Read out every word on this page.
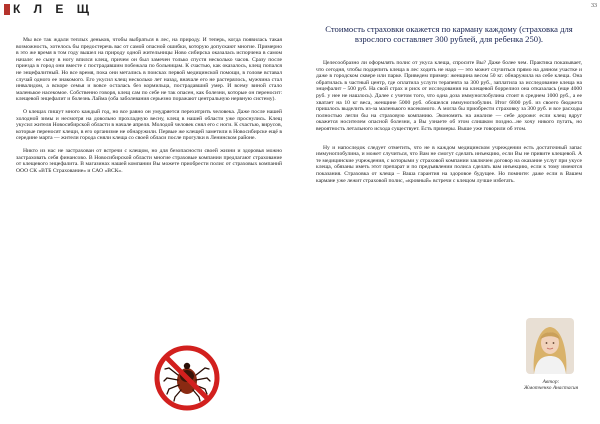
К Л Е Щ	33

Мы все так ждали теплых деньков, чтобы выбраться в лес, на природу. И теперь, когда появилась такая возможность, хотелось бы предостеречь вас от самой опасной ошибки, которую допускают многие. Примерно в это же время в том году вышел на природу одной жительницы Ново сибирска оказалась испорчена в самом начале: ее сыну в ногу впился клещ, причем он был замечен только спустя несколько часов. Сразу после приезда в город они вместе с пострадавшим побежала по больницам. К счастью, как оказалось, клещ попался не энцефалитный. Но все время, пока они метались в поисках первой медицинской помощи, в голове вставал случай одного ее знакомого. Его укусил клещ несколько лет назад, вначале его не растерялось, мужчина стал инвалидом, а вскоре семья и вовсе осталась без кормильца, пострадавший умер. И всему виной стало маленькое насекомое. Собственно говоря, клещ сам по себе не так опасен, как болезни, которые он переносит: клещевой энцефалит и болезнь Лайма (оба заболевания серьезно поражают центральную нервную систему).

О клещах пишут много каждый год, но все равно он умудряется перехитрить человека. Даже после нашей холодной зимы и несмотря на довольно прохладную весну, клещ в нашей области уже проснулись. Клещ укусил жителя Новосибирской области в начале апреля. Молодой человек снял его с ноги. К счастью, вирусов, которые переносят клещи, в его организме не обнаружили. Первые же клещей заметили в Новосибирске ещё в середине марта — жители города сняли клеща со своей обласи после прогулки в Ленинском районе.

Никто из нас не застрахован от встречи с клещом, но для безопасности своей жизни и здоровья можно застраховать себя финансово. В Новосибирской области многие страховые компании предлагают страхование от клещевого энцефалита. В магазинах нашей компании Вы можете приобрести полис от страховых компаний ООО СК «ВТБ Страхование» и САО «ВСК».

Стоимость страховки окажется по карману каждому (страховка для взрослого составляет 300 рублей, для ребенка 250).

Целесообразно ли оформлять полис от укуса клеща, спросите Вы? Даже более чем. Практика показывает, что сегодня, чтобы подцепить клеща в лес ходить не надо — это может случиться прямо на дачном участке и даже в городском сквере или парке. Приведем пример: женщина весом 50 кг. обнаружила на себе клеща. Она обратилась в частный центр, где оплатила услуги терапевта за 300 руб., заплатила за исследование клеща на энцефалит – 500 руб. На свой страх и риск от исследования на клещевой боррелиоз она отказалась (еще 4000 руб. у нее не нашлось). Далее с учетом того, что одна доза иммуноглобулина стоит в среднем 1000 руб., а ее хватает на 10 кг веса, женщине 5000 руб. обошелся иммуноглобулин. Итог 6800 руб. из своего бюджета пришлось выделить из-за маленького насекомого. А могла бы приобрести страховку за 300 руб. и все расходы полностью легли бы на страховую компанию. Экономить на анализе — себе дороже: если клещ вдруг окажется носителем опасной болезни, а Вы узнаете об этом слишком поздно...не хочу никого пугать, но вероятность летального исхода существует. Есть примеры. Выше уже говорили об этом.

Ну и напоследок следует отметить, что не в каждом медицинском учреждении есть достаточный запас иммуноглобулина, и может случиться, что Вам не смогут сделать инъекцию, если Вы не привите клещевой. А те медицинские учреждения, с которыми у страховой компании заключен договор на оказание услуг при укусе клеща, обязаны иметь этот препарат и по предъявлении полиса сделать вам инъекцию, если к тому имеются показания. Страховка от клеща – Ваша гарантия на здоровое будущее. Но помните: даже если в Вашем кармане уже лежит страховой полис, «кровный» встречи с клещом лучше избегать.

Автор:
Жмотченко Анастасия
